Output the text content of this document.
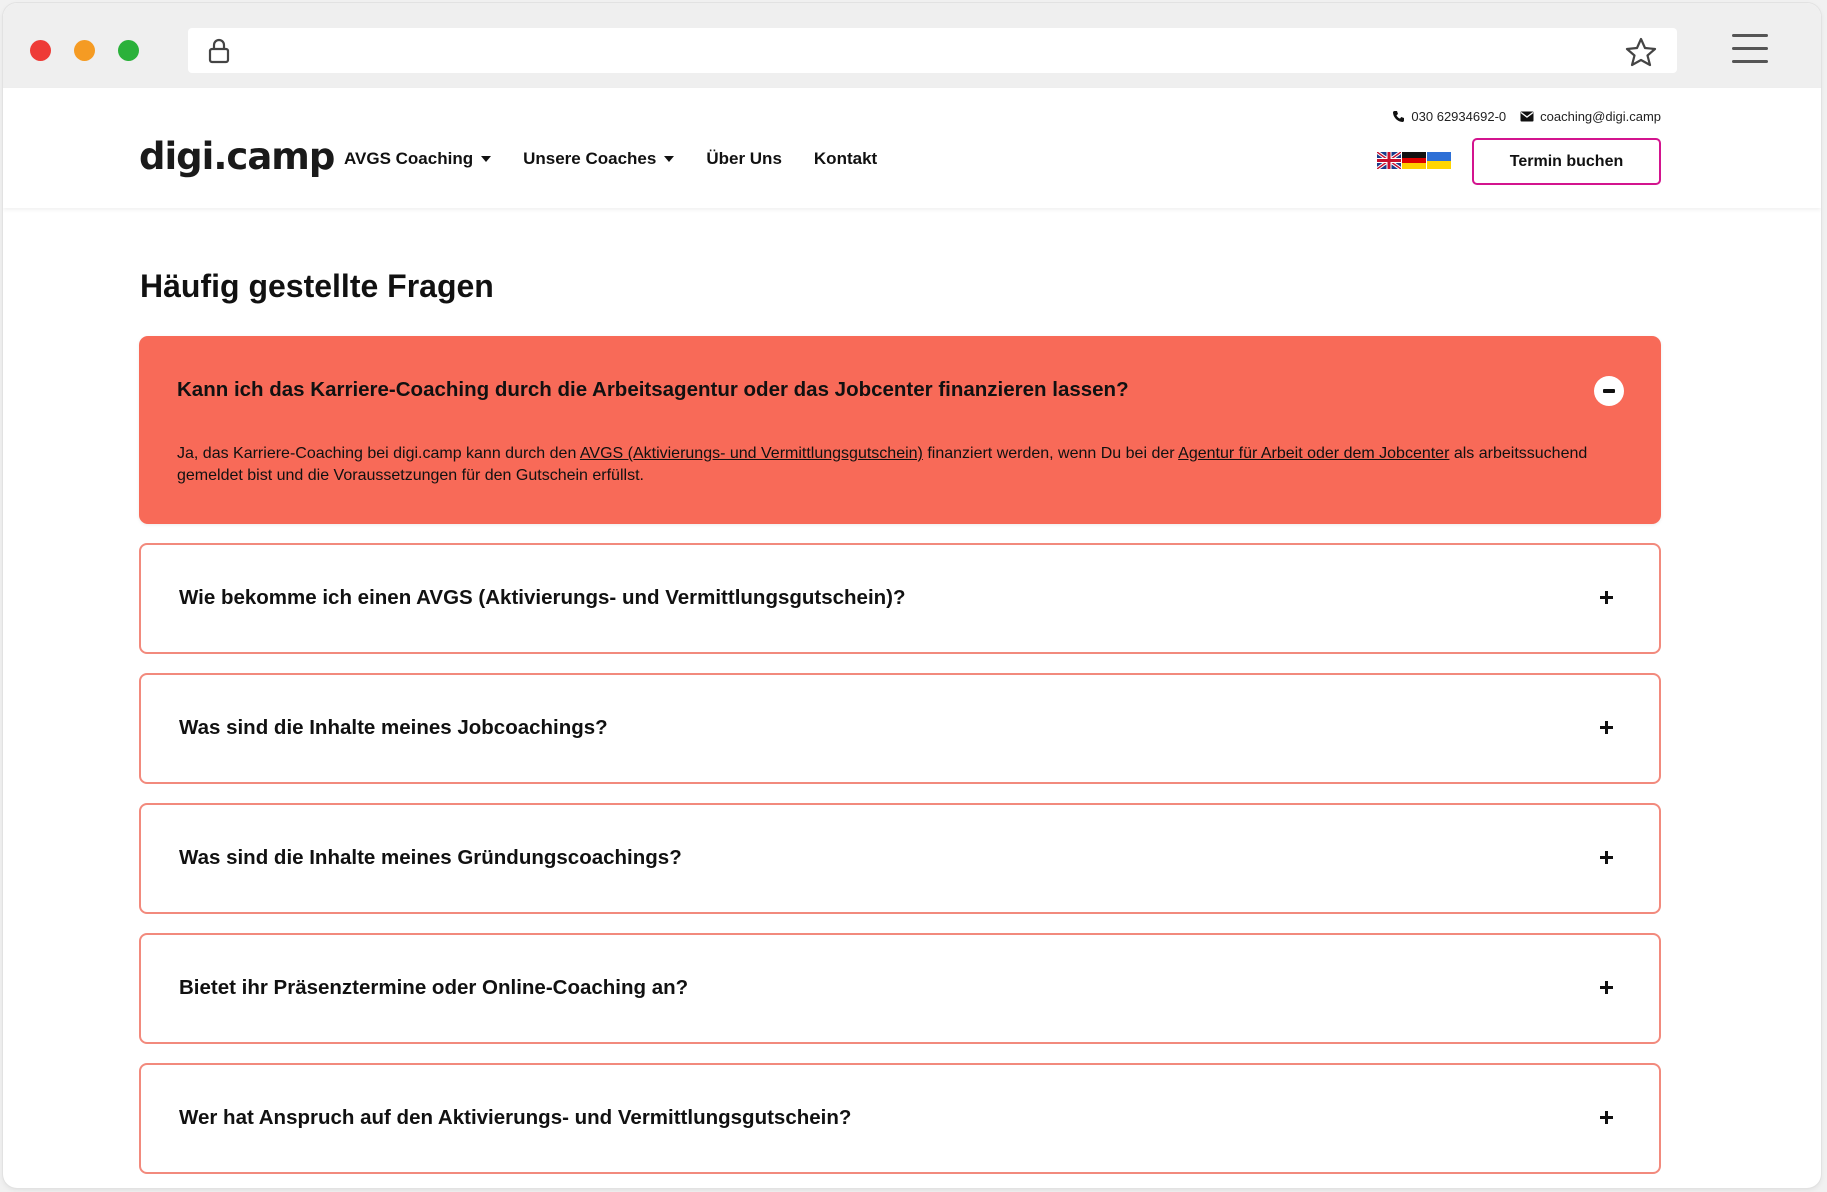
digi.camp AVGS Coaching	Unsere Coaches	Über Uns Kontakt
030 62934692-0	coaching@digi.camp
Termin buchen
Häufig gestellte Fragen
Kann ich das Karriere-Coaching durch die Arbeitsagentur oder das Jobcenter finanzieren lassen?
Ja, das Karriere-Coaching bei digi.camp kann durch den AVGS (Aktivierungs- und Vermittlungsgutschein) finanziert werden, wenn Du bei der Agentur für Arbeit oder dem Jobcenter als arbeitssuchend gemeldet bist und die Voraussetzungen für den Gutschein erfüllst.
Wie bekomme ich einen AVGS (Aktivierungs- und Vermittlungsgutschein)?
Was sind die Inhalte meines Jobcoachings?
Was sind die Inhalte meines Gründungscoachings?
Bietet ihr Präsenztermine oder Online-Coaching an?
Wer hat Anspruch auf den Aktivierungs- und Vermittlungsgutschein?
